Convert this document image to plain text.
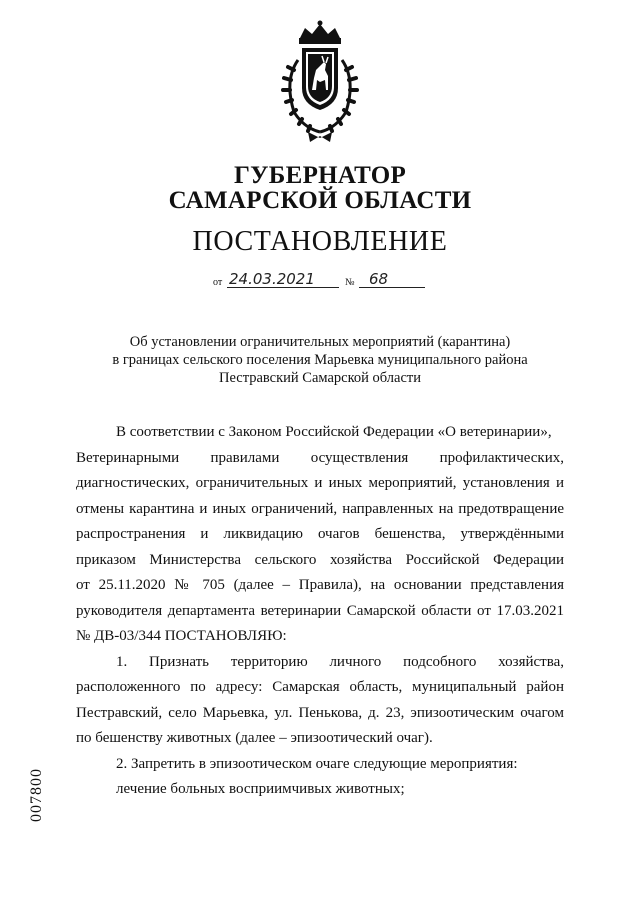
ГУБЕРНАТОР
САМАРСКОЙ ОБЛАСТИ
ПОСТАНОВЛЕНИЕ
от 24.03.2021	№ 68
Об установлении ограничительных мероприятий (карантина)
в границах сельского поселения Марьевка муниципального района
Пестравский Самарской области

В соответствии с Законом Российской Федерации «О ветеринарии»,

Ветеринарными правилами осуществления профилактических,

диагностических, ограничительных и иных мероприятий, установления и

отмены карантина и иных ограничений, направленных на предотвращение

распространения и ликвидацию очагов бешенства, утверждёнными

приказом Министерства сельского хозяйства Российской Федерации

от 25.11.2020 № 705 (далее – Правила), на основании представления

руководителя департамента ветеринарии Самарской области от 17.03.2021

№ ДВ-03/344 ПОСТАНОВЛЯЮ:

1. Признать территорию личного подсобного хозяйства,

расположенного по адресу: Самарская область, муниципальный район

Пестравский, село Марьевка, ул. Пенькова, д. 23, эпизоотическим очагом

по бешенству животных (далее – эпизоотический очаг).

2. Запретить в эпизоотическом очаге следующие мероприятия:

лечение больных восприимчивых животных;

007800
